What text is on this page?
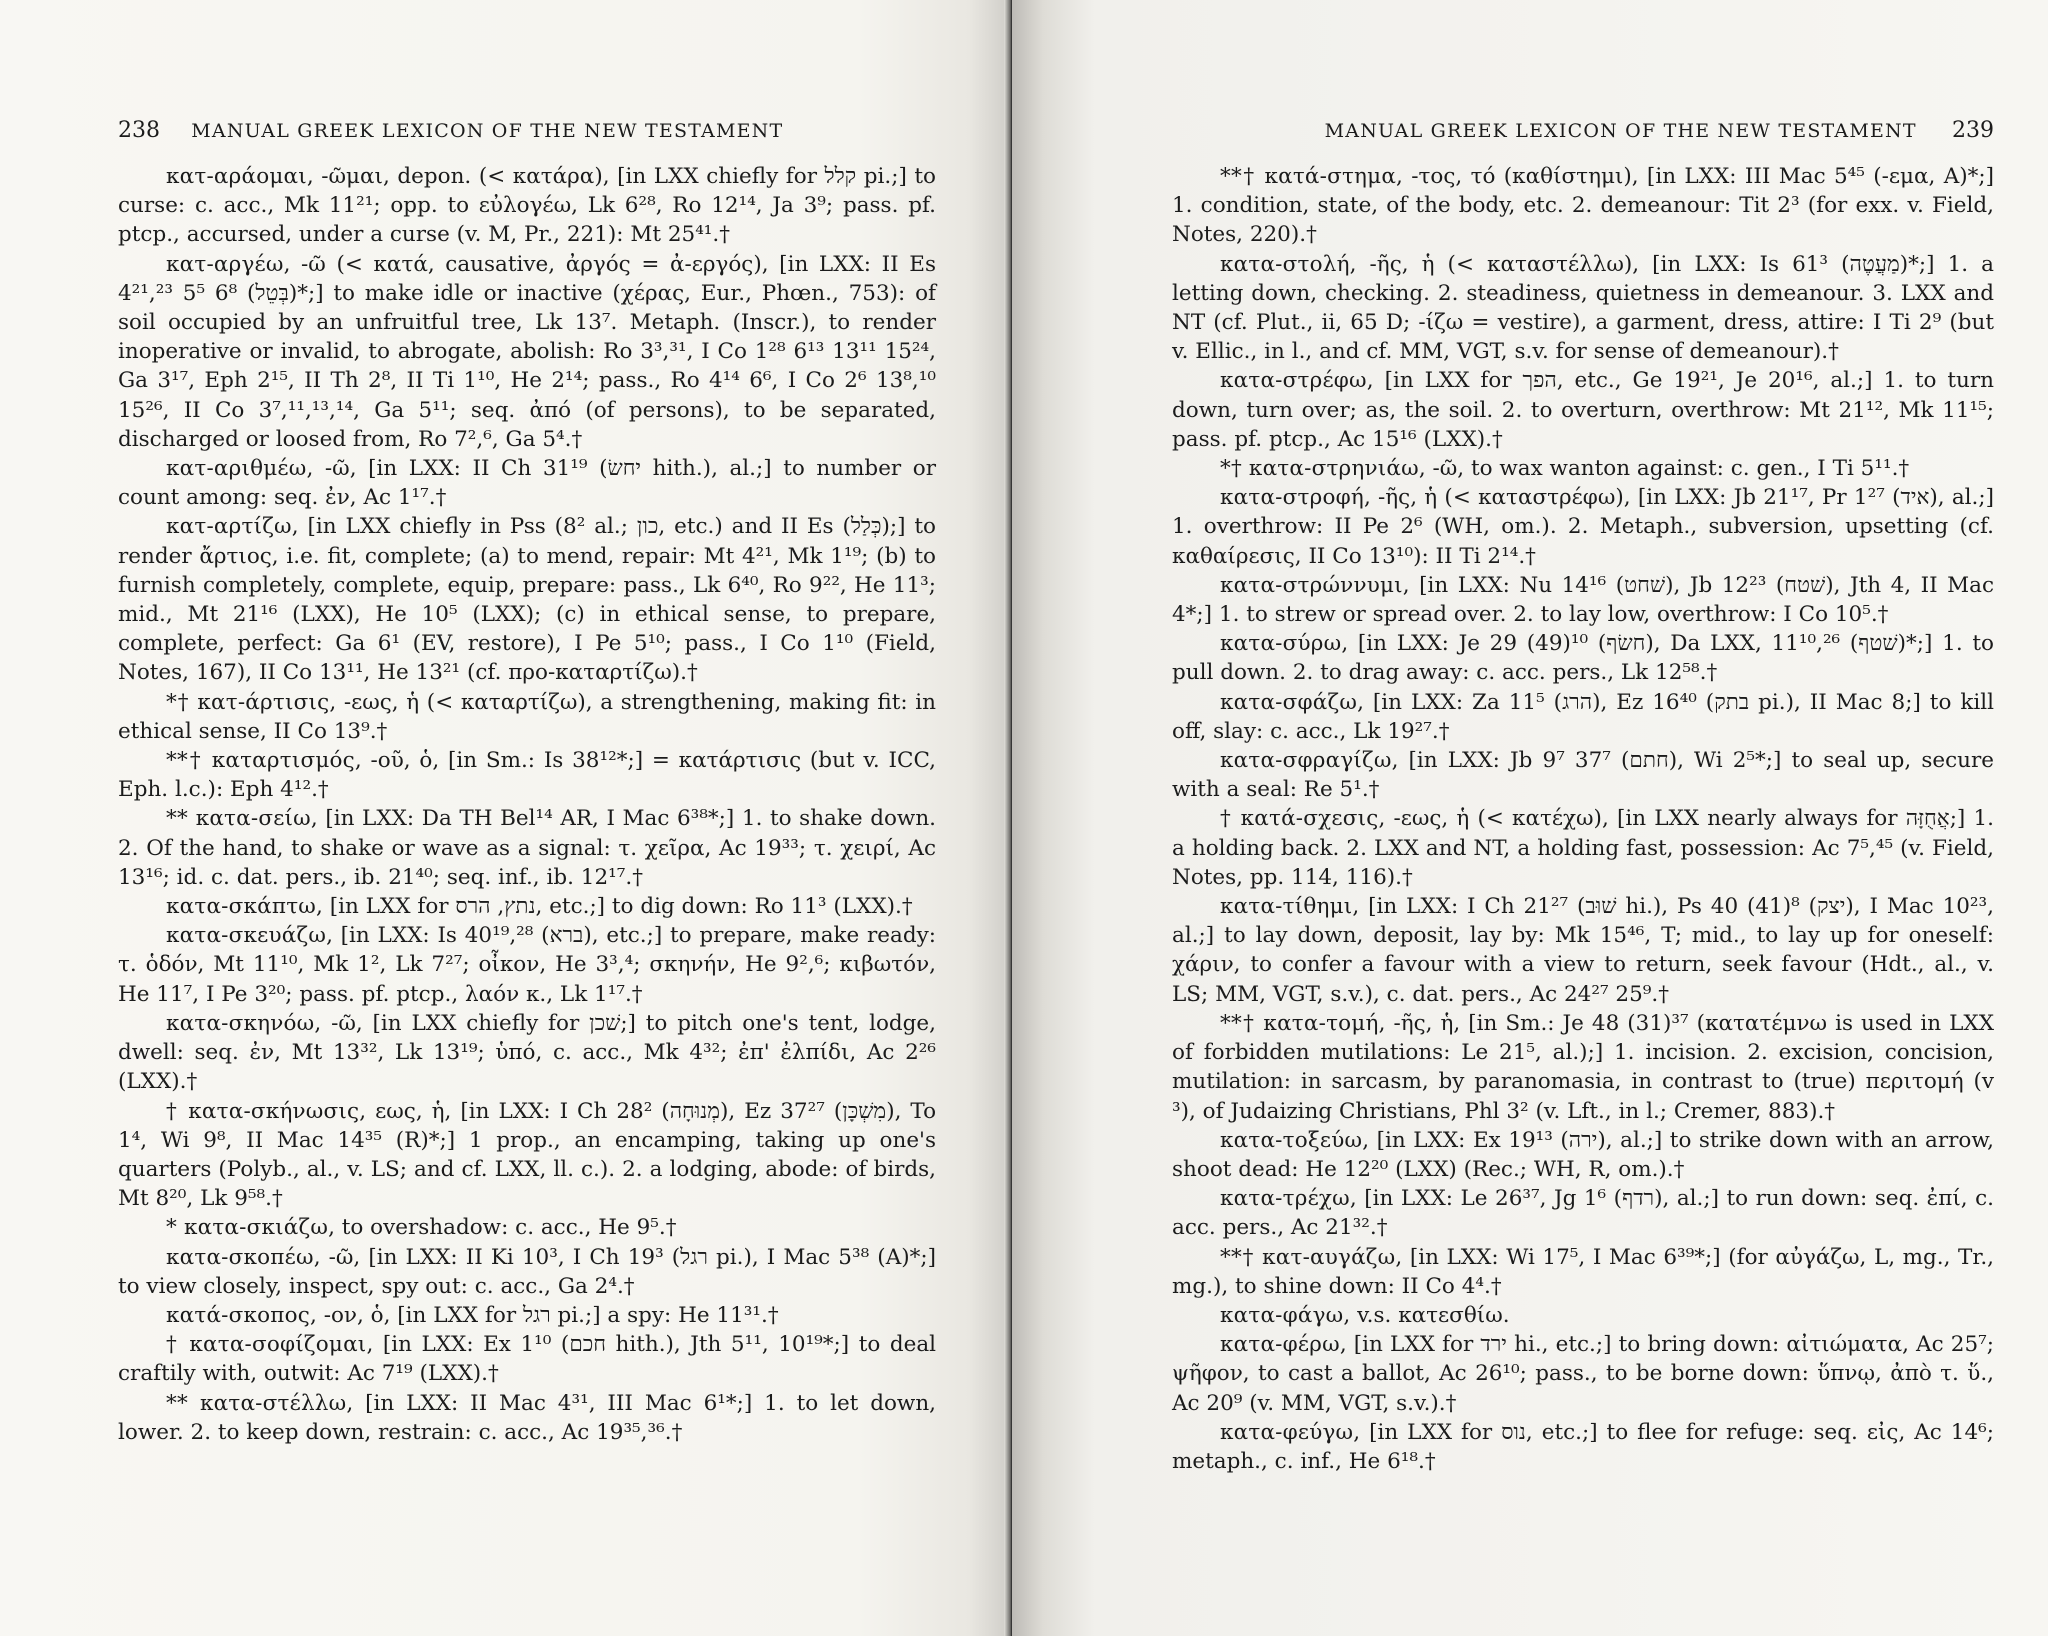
238 MANUAL GREEK LEXICON OF THE NEW TESTAMENT

κατ-αράομαι, -ῶμαι, depon. (< κατάρα), [in LXX chiefly for קלל pi.;] to curse: c. acc., Mk 11²¹; opp. to εὐλογέω, Lk 6²⁸, Ro 12¹⁴, Ja 3⁹; pass. pf. ptcp., accursed, under a curse (v. M, Pr., 221): Mt 25⁴¹.†

κατ-αργέω, -ῶ (< κατά, causative, ἀργός = ἀ-εργός), [in LXX: II Es 4²¹,²³ 5⁵ 6⁸ (בְּטֵל)*;] to make idle or inactive (χέρας, Eur., Phœn., 753): of soil occupied by an unfruitful tree, Lk 13⁷. Metaph. (Inscr.), to render inoperative or invalid, to abrogate, abolish: Ro 3³,³¹, I Co 1²⁸ 6¹³ 13¹¹ 15²⁴, Ga 3¹⁷, Eph 2¹⁵, II Th 2⁸, II Ti 1¹⁰, He 2¹⁴; pass., Ro 4¹⁴ 6⁶, I Co 2⁶ 13⁸,¹⁰ 15²⁶, II Co 3⁷,¹¹,¹³,¹⁴, Ga 5¹¹; seq. ἀπό (of persons), to be separated, discharged or loosed from, Ro 7²,⁶, Ga 5⁴.†

κατ-αριθμέω, -ῶ, [in LXX: II Ch 31¹⁹ (יחשׂ hith.), al.;] to number or count among: seq. ἐν, Ac 1¹⁷.†

κατ-αρτίζω, [in LXX chiefly in Pss (8² al.; כון, etc.) and II Es (כְּלַל);] to render ἄρτιος, i.e. fit, complete; (a) to mend, repair: Mt 4²¹, Mk 1¹⁹; (b) to furnish completely, complete, equip, prepare: pass., Lk 6⁴⁰, Ro 9²², He 11³; mid., Mt 21¹⁶ (LXX), He 10⁵ (LXX); (c) in ethical sense, to prepare, complete, perfect: Ga 6¹ (EV, restore), I Pe 5¹⁰; pass., I Co 1¹⁰ (Field, Notes, 167), II Co 13¹¹, He 13²¹ (cf. προ-καταρτίζω).†

*† κατ-άρτισις, -εως, ἡ (< καταρτίζω), a strengthening, making fit: in ethical sense, II Co 13⁹.†

**† καταρτισμός, -οῦ, ὁ, [in Sm.: Is 38¹²*;] = κατάρτισις (but v. ICC, Eph. l.c.): Eph 4¹².†

** κατα-σείω, [in LXX: Da TH Bel¹⁴ AR, I Mac 6³⁸*;] 1. to shake down. 2. Of the hand, to shake or wave as a signal: τ. χεῖρα, Ac 19³³; τ. χειρί, Ac 13¹⁶; id. c. dat. pers., ib. 21⁴⁰; seq. inf., ib. 12¹⁷.†

κατα-σκάπτω, [in LXX for נתץ, הרס, etc.;] to dig down: Ro 11³ (LXX).†

κατα-σκευάζω, [in LXX: Is 40¹⁹,²⁸ (ברא), etc.;] to prepare, make ready: τ. ὁδόν, Mt 11¹⁰, Mk 1², Lk 7²⁷; οἶκον, He 3³,⁴; σκηνήν, He 9²,⁶; κιβωτόν, He 11⁷, I Pe 3²⁰; pass. pf. ptcp., λαόν κ., Lk 1¹⁷.†

κατα-σκηνόω, -ῶ, [in LXX chiefly for שׁכן;] to pitch one's tent, lodge, dwell: seq. ἐν, Mt 13³², Lk 13¹⁹; ὑπό, c. acc., Mk 4³²; ἐπ' ἐλπίδι, Ac 2²⁶ (LXX).†

† κατα-σκήνωσις, εως, ἡ, [in LXX: I Ch 28² (מְנוּחָה), Ez 37²⁷ (מִשְׁכָּן), To 1⁴, Wi 9⁸, II Mac 14³⁵ (R)*;] 1 prop., an encamping, taking up one's quarters (Polyb., al., v. LS; and cf. LXX, ll. c.). 2. a lodging, abode: of birds, Mt 8²⁰, Lk 9⁵⁸.†

* κατα-σκιάζω, to overshadow: c. acc., He 9⁵.†

κατα-σκοπέω, -ῶ, [in LXX: II Ki 10³, I Ch 19³ (רגל pi.), I Mac 5³⁸ (A)*;] to view closely, inspect, spy out: c. acc., Ga 2⁴.†

κατά-σκοπος, -ον, ὁ, [in LXX for רגל pi.;] a spy: He 11³¹.†

† κατα-σοφίζομαι, [in LXX: Ex 1¹⁰ (חכם hith.), Jth 5¹¹, 10¹⁹*;] to deal craftily with, outwit: Ac 7¹⁹ (LXX).†

** κατα-στέλλω, [in LXX: II Mac 4³¹, III Mac 6¹*;] 1. to let down, lower. 2. to keep down, restrain: c. acc., Ac 19³⁵,³⁶.†

MANUAL GREEK LEXICON OF THE NEW TESTAMENT 239

**† κατά-στημα, -τος, τό (καθίστημι), [in LXX: III Mac 5⁴⁵ (-εμα, A)*;] 1. condition, state, of the body, etc. 2. demeanour: Tit 2³ (for exx. v. Field, Notes, 220).†

κατα-στολή, -ῆς, ἡ (< καταστέλλω), [in LXX: Is 61³ (מַעֲטֶה)*;] 1. a letting down, checking. 2. steadiness, quietness in demeanour. 3. LXX and NT (cf. Plut., ii, 65 D; -ίζω = vestire), a garment, dress, attire: I Ti 2⁹ (but v. Ellic., in l., and cf. MM, VGT, s.v. for sense of demeanour).†

κατα-στρέφω, [in LXX for הפך, etc., Ge 19²¹, Je 20¹⁶, al.;] 1. to turn down, turn over; as, the soil. 2. to overturn, overthrow: Mt 21¹², Mk 11¹⁵; pass. pf. ptcp., Ac 15¹⁶ (LXX).†

*† κατα-στρηνιάω, -ῶ, to wax wanton against: c. gen., I Ti 5¹¹.†

κατα-στροφή, -ῆς, ἡ (< καταστρέφω), [in LXX: Jb 21¹⁷, Pr 1²⁷ (איד), al.;] 1. overthrow: II Pe 2⁶ (WH, om.). 2. Metaph., subversion, upsetting (cf. καθαίρεσις, II Co 13¹⁰): II Ti 2¹⁴.†

κατα-στρώννυμι, [in LXX: Nu 14¹⁶ (שׁחט), Jb 12²³ (שׁטח), Jth 4, II Mac 4*;] 1. to strew or spread over. 2. to lay low, overthrow: I Co 10⁵.†

κατα-σύρω, [in LXX: Je 29 (49)¹⁰ (חשׂף), Da LXX, 11¹⁰,²⁶ (שׁטף)*;] 1. to pull down. 2. to drag away: c. acc. pers., Lk 12⁵⁸.†

κατα-σφάζω, [in LXX: Za 11⁵ (הרג), Ez 16⁴⁰ (בתק pi.), II Mac 8;] to kill off, slay: c. acc., Lk 19²⁷.†

κατα-σφραγίζω, [in LXX: Jb 9⁷ 37⁷ (חתם), Wi 2⁵*;] to seal up, secure with a seal: Re 5¹.†

† κατά-σχεσις, -εως, ἡ (< κατέχω), [in LXX nearly always for אֲחֻזָּה;] 1. a holding back. 2. LXX and NT, a holding fast, possession: Ac 7⁵,⁴⁵ (v. Field, Notes, pp. 114, 116).†

κατα-τίθημι, [in LXX: I Ch 21²⁷ (שׁוּב hi.), Ps 40 (41)⁸ (יצק), I Mac 10²³, al.;] to lay down, deposit, lay by: Mk 15⁴⁶, T; mid., to lay up for oneself: χάριν, to confer a favour with a view to return, seek favour (Hdt., al., v. LS; MM, VGT, s.v.), c. dat. pers., Ac 24²⁷ 25⁹.†

**† κατα-τομή, -ῆς, ἡ, [in Sm.: Je 48 (31)³⁷ (κατατέμνω is used in LXX of forbidden mutilations: Le 21⁵, al.);] 1. incision. 2. excision, concision, mutilation: in sarcasm, by paranomasia, in contrast to (true) περιτομή (v ³), of Judaizing Christians, Phl 3² (v. Lft., in l.; Cremer, 883).†

κατα-τοξεύω, [in LXX: Ex 19¹³ (ירה), al.;] to strike down with an arrow, shoot dead: He 12²⁰ (LXX) (Rec.; WH, R, om.).†

κατα-τρέχω, [in LXX: Le 26³⁷, Jg 1⁶ (רדף), al.;] to run down: seq. ἐπί, c. acc. pers., Ac 21³².†

**† κατ-αυγάζω, [in LXX: Wi 17⁵, I Mac 6³⁹*;] (for αὐγάζω, L, mg., Tr., mg.), to shine down: II Co 4⁴.†

κατα-φάγω, v.s. κατεσθίω.

κατα-φέρω, [in LXX for ירד hi., etc.;] to bring down: αἰτιώματα, Ac 25⁷; ψῆφον, to cast a ballot, Ac 26¹⁰; pass., to be borne down: ὕπνῳ, ἀπὸ τ. ὕ., Ac 20⁹ (v. MM, VGT, s.v.).†

κατα-φεύγω, [in LXX for נוס, etc.;] to flee for refuge: seq. εἰς, Ac 14⁶; metaph., c. inf., He 6¹⁸.†
